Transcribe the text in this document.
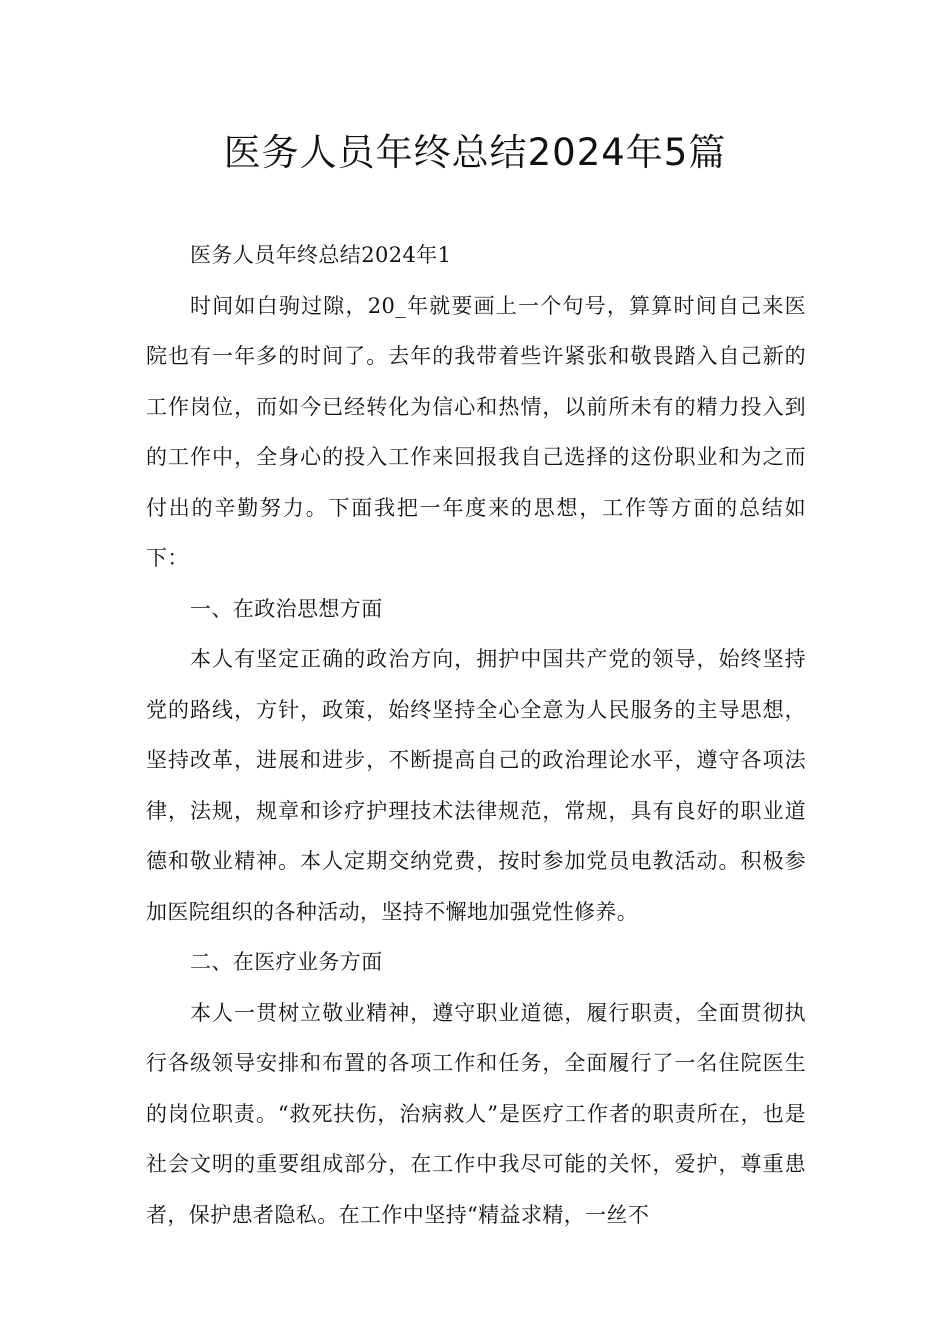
医务人员年终总结2024年5篇

医务人员年终总结2024年1

时间如白驹过隙，20_年就要画上一个句号，算算时间自己来医院也有一年多的时间了。去年的我带着些许紧张和敬畏踏入自己新的工作岗位，而如今已经转化为信心和热情，以前所未有的精力投入到的工作中，全身心的投入工作来回报我自己选择的这份职业和为之而付出的辛勤努力。下面我把一年度来的思想，工作等方面的总结如下：

一、在政治思想方面

本人有坚定正确的政治方向，拥护中国共产党的领导，始终坚持党的路线，方针，政策，始终坚持全心全意为人民服务的主导思想，坚持改革，进展和进步，不断提高自己的政治理论水平，遵守各项法律，法规，规章和诊疗护理技术法律规范，常规，具有良好的职业道德和敬业精神。本人定期交纳党费，按时参加党员电教活动。积极参加医院组织的各种活动，坚持不懈地加强党性修养。

二、在医疗业务方面

本人一贯树立敬业精神，遵守职业道德，履行职责，全面贯彻执行各级领导安排和布置的各项工作和任务，全面履行了一名住院医生的岗位职责。“救死扶伤，治病救人”是医疗工作者的职责所在，也是社会文明的重要组成部分，在工作中我尽可能的关怀，爱护，尊重患者，保护患者隐私。在工作中坚持“精益求精，一丝不
